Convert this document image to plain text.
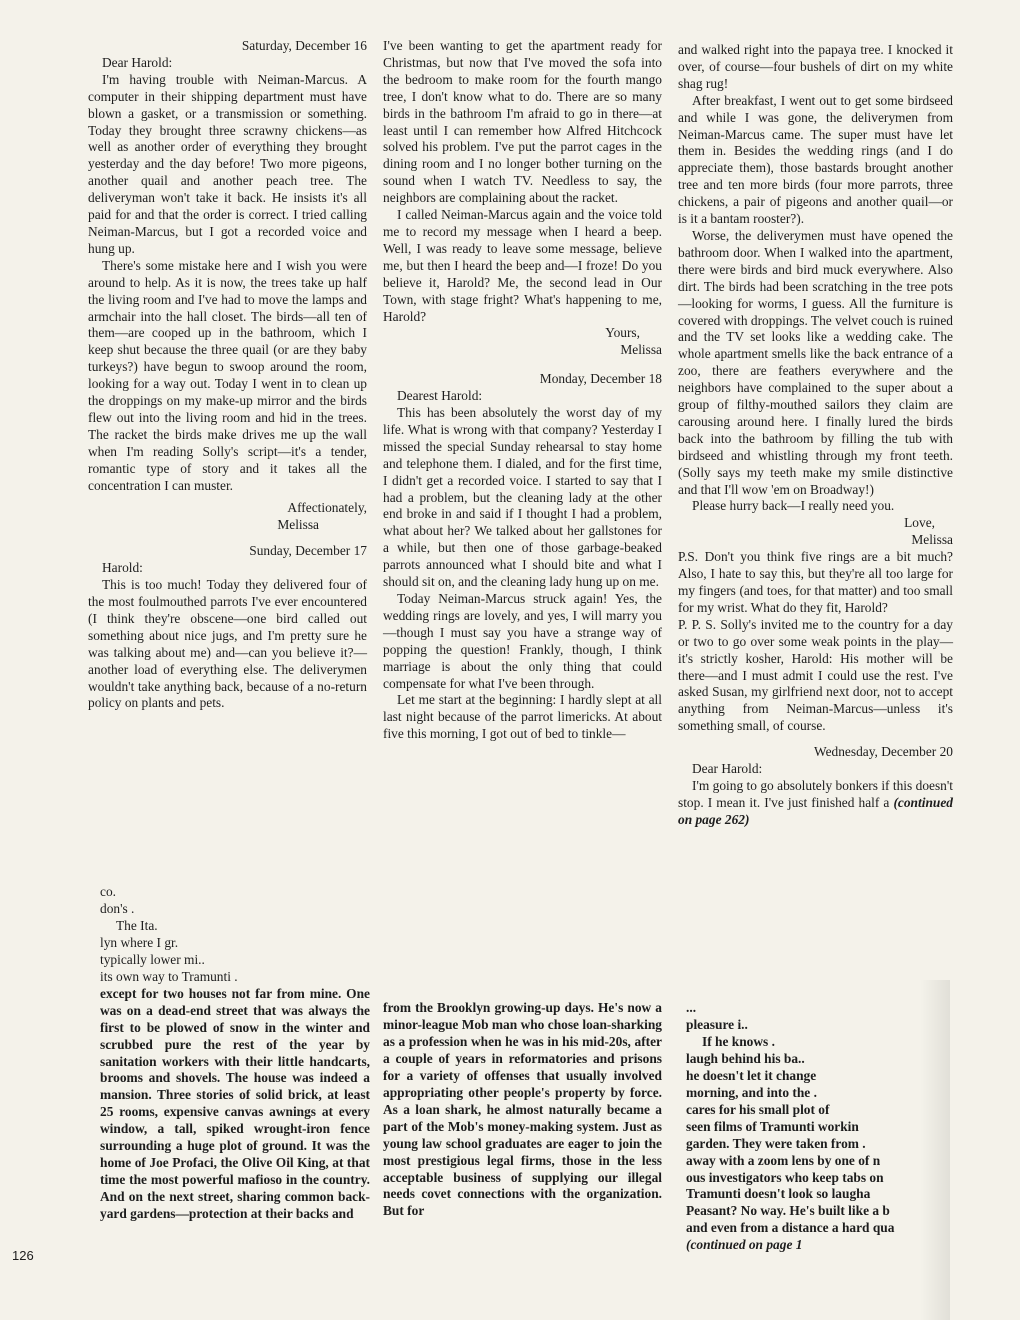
Saturday, December 16

Dear Harold:

I'm having trouble with Neiman-Marcus. A computer in their shipping department must have blown a gasket, or a transmission or something. Today they brought three scrawny chickens—as well as another order of everything they brought yesterday and the day before! Two more pigeons, another quail and another peach tree. The deliveryman won't take it back. He insists it's all paid for and that the order is correct. I tried calling Neiman-Marcus, but I got a recorded voice and hung up.

There's some mistake here and I wish you were around to help. As it is now, the trees take up half the living room and I've had to move the lamps and armchair into the hall closet. The birds—all ten of them—are cooped up in the bathroom, which I keep shut because the three quail (or are they baby turkeys?) have begun to swoop around the room, looking for a way out. Today I went in to clean up the droppings on my make-up mirror and the birds flew out into the living room and hid in the trees. The racket the birds make drives me up the wall when I'm reading Solly's script—it's a tender, romantic type of story and it takes all the concentration I can muster.

Affectionately,

Melissa

Sunday, December 17

Harold:

This is too much! Today they delivered four of the most foulmouthed parrots I've ever encountered (I think they're obscene—one bird called out something about nice jugs, and I'm pretty sure he was talking about me) and—can you believe it?—another load of everything else. The deliverymen wouldn't take anything back, because of a no-return policy on plants and pets.

I've been wanting to get the apartment ready for Christmas, but now that I've moved the sofa into the bedroom to make room for the fourth mango tree, I don't know what to do. There are so many birds in the bathroom I'm afraid to go in there—at least until I can remember how Alfred Hitchcock solved his problem. I've put the parrot cages in the dining room and I no longer bother turning on the sound when I watch TV. Needless to say, the neighbors are complaining about the racket.

I called Neiman-Marcus again and the voice told me to record my message when I heard a beep. Well, I was ready to leave some message, believe me, but then I heard the beep and—I froze! Do you believe it, Harold? Me, the second lead in Our Town, with stage fright? What's happening to me, Harold?

Yours,

Melissa

Monday, December 18

Dearest Harold:

This has been absolutely the worst day of my life. What is wrong with that company? Yesterday I missed the special Sunday rehearsal to stay home and telephone them. I dialed, and for the first time, I didn't get a recorded voice. I started to say that I had a problem, but the cleaning lady at the other end broke in and said if I thought I had a problem, what about her? We talked about her gallstones for a while, but then one of those garbage-beaked parrots announced what I should bite and what I should sit on, and the cleaning lady hung up on me.

Today Neiman-Marcus struck again! Yes, the wedding rings are lovely, and yes, I will marry you—though I must say you have a strange way of popping the question! Frankly, though, I think marriage is about the only thing that could compensate for what I've been through.

Let me start at the beginning: I hardly slept at all last night because of the parrot limericks. At about five this morning, I got out of bed to tinkle—

and walked right into the papaya tree. I knocked it over, of course—four bushels of dirt on my white shag rug!

After breakfast, I went out to get some birdseed and while I was gone, the deliverymen from Neiman-Marcus came. The super must have let them in. Besides the wedding rings (and I do appreciate them), those bastards brought another tree and ten more birds (four more parrots, three chickens, a pair of pigeons and another quail—or is it a bantam rooster?).

Worse, the deliverymen must have opened the bathroom door. When I walked into the apartment, there were birds and bird muck everywhere. Also dirt. The birds had been scratching in the tree pots—looking for worms, I guess. All the furniture is covered with droppings. The velvet couch is ruined and the TV set looks like a wedding cake. The whole apartment smells like the back entrance of a zoo, there are feathers everywhere and the neighbors have complained to the super about a group of filthy-mouthed sailors they claim are carousing around here. I finally lured the birds back into the bathroom by filling the tub with birdseed and whistling through my front teeth. (Solly says my teeth make my smile distinctive and that I'll wow 'em on Broadway!)

Please hurry back—I really need you.

Love,

Melissa

P.S. Don't you think five rings are a bit much? Also, I hate to say this, but they're all too large for my fingers (and toes, for that matter) and too small for my wrist. What do they fit, Harold?

P. P. S. Solly's invited me to the country for a day or two to go over some weak points in the play—it's strictly kosher, Harold: His mother will be there—and I must admit I could use the rest. I've asked Susan, my girlfriend next door, not to accept anything from Neiman-Marcus—unless it's something small, of course.

Wednesday, December 20

Dear Harold:

I'm going to go absolutely bonkers if this doesn't stop. I mean it. I've just finished half a (continued on page 262)

co.

don's .

The Ita.

lyn where I gr.

typically lower mi..

its own way to Tramunti .

except for two houses not far from mine. One was on a dead-end street that was always the first to be plowed of snow in the winter and scrubbed pure the rest of the year by sanitation workers with their little handcarts, brooms and shovels. The house was indeed a mansion. Three stories of solid brick, at least 25 rooms, expensive canvas awnings at every window, a tall, spiked wrought-iron fence surrounding a huge plot of ground. It was the home of Joe Profaci, the Olive Oil King, at that time the most powerful mafioso in the country. And on the next street, sharing common back-yard gardens—protection at their backs and

from the Brooklyn growing-up days. He's now a minor-league Mob man who chose loan-sharking as a profession when he was in his mid-20s, after a couple of years in reformatories and prisons for a variety of offenses that usually involved appropriating other people's property by force. As a loan shark, he almost naturally became a part of the Mob's money-making system. Just as young law school graduates are eager to join the most prestigious legal firms, those in the less acceptable business of supplying our illegal needs covet connections with the organization. But for

...

pleasure i..

If he knows .

laugh behind his ba..

he doesn't let it change

morning, and into the .

cares for his small plot of

seen films of Tramunti workin

garden. They were taken from .

away with a zoom lens by one of n

ous investigators who keep tabs on

Tramunti doesn't look so laugha

Peasant? No way. He's built like a b

and even from a distance a hard qua

(continued on page 1

126
